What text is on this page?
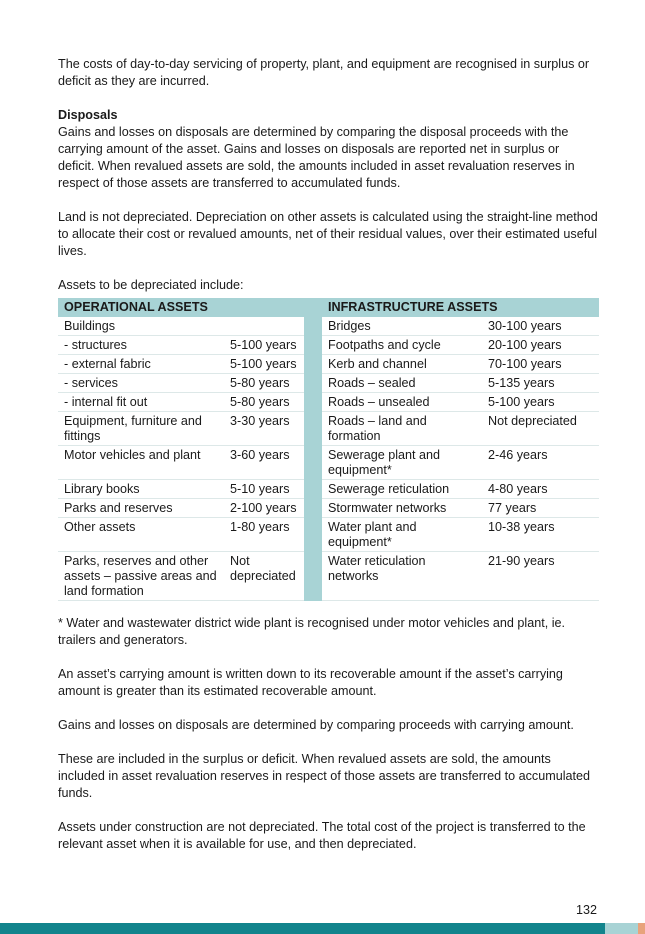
The costs of day-to-day servicing of property, plant, and equipment are recognised in surplus or deficit as they are incurred.

Disposals

Gains and losses on disposals are determined by comparing the disposal proceeds with the carrying amount of the asset. Gains and losses on disposals are reported net in surplus or deficit. When revalued assets are sold, the amounts included in asset revaluation reserves in respect of those assets are transferred to accumulated funds.

Land is not depreciated. Depreciation on other assets is calculated using the straight-line method to allocate their cost or revalued amounts, net of their residual values, over their estimated useful lives.

Assets to be depreciated include:

OPERATIONAL ASSETS			INFRASTRUCTURE ASSETS	
Buildings			Bridges	30-100 years
- structures	5-100 years		Footpaths and cycle	20-100 years
- external fabric	5-100 years		Kerb and channel	70-100 years
- services	5-80 years		Roads – sealed	5-135 years
- internal fit out	5-80 years		Roads – unsealed	5-100 years
Equipment, furniture and fittings	3-30 years		Roads – land and formation	Not depreciated
Motor vehicles and plant	3-60 years		Sewerage plant and equipment*	2-46 years
Library books	5-10 years		Sewerage reticulation	4-80 years
Parks and reserves	2-100 years		Stormwater networks	77 years
Other assets	1-80 years		Water plant and equipment*	10-38 years
Parks, reserves and other assets – passive areas and land formation	Not depreciated		Water reticulation networks	21-90 years

* Water and wastewater district wide plant is recognised under motor vehicles and plant, ie. trailers and generators.

An asset’s carrying amount is written down to its recoverable amount if the asset’s carrying amount is greater than its estimated recoverable amount.

Gains and losses on disposals are determined by comparing proceeds with carrying amount.

These are included in the surplus or deficit. When revalued assets are sold, the amounts included in asset revaluation reserves in respect of those assets are transferred to accumulated funds.

Assets under construction are not depreciated. The total cost of the project is transferred to the relevant asset when it is available for use, and then depreciated.

132
